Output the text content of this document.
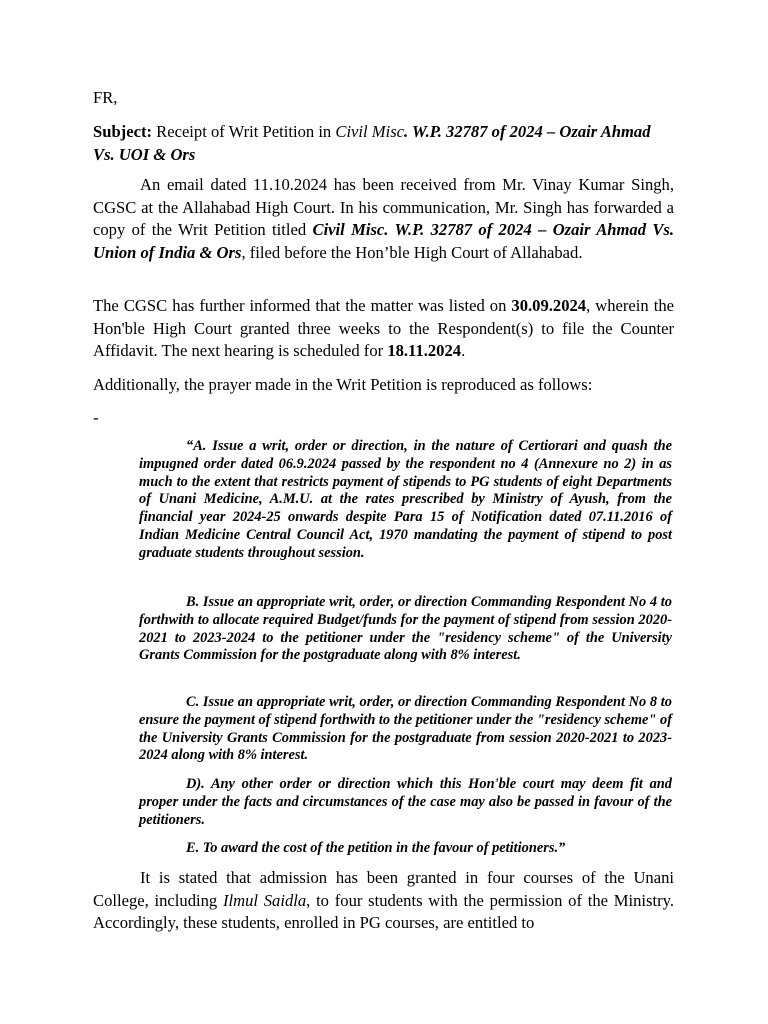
FR,

Subject: Receipt of Writ Petition in Civil Misc. W.P. 32787 of 2024 – Ozair Ahmad Vs. UOI & Ors

An email dated 11.10.2024 has been received from Mr. Vinay Kumar Singh, CGSC at the Allahabad High Court. In his communication, Mr. Singh has forwarded a copy of the Writ Petition titled Civil Misc. W.P. 32787 of 2024 – Ozair Ahmad Vs. Union of India & Ors, filed before the Hon’ble High Court of Allahabad.

The CGSC has further informed that the matter was listed on 30.09.2024, wherein the Hon'ble High Court granted three weeks to the Respondent(s) to file the Counter Affidavit. The next hearing is scheduled for 18.11.2024.

Additionally, the prayer made in the Writ Petition is reproduced as follows:

-

“A. Issue a writ, order or direction, in the nature of Certiorari and quash the impugned order dated 06.9.2024 passed by the respondent no 4 (Annexure no 2) in as much to the extent that restricts payment of stipends to PG students of eight Departments of Unani Medicine, A.M.U. at the rates prescribed by Ministry of Ayush, from the financial year 2024-25 onwards despite Para 15 of Notification dated 07.11.2016 of Indian Medicine Central Council Act, 1970 mandating the payment of stipend to post graduate students throughout session.

B. Issue an appropriate writ, order, or direction Commanding Respondent No 4 to forthwith to allocate required Budget/funds for the payment of stipend from session 2020-2021 to 2023-2024 to the petitioner under the "residency scheme" of the University Grants Commission for the postgraduate along with 8% interest.

C. Issue an appropriate writ, order, or direction Commanding Respondent No 8 to ensure the payment of stipend forthwith to the petitioner under the "residency scheme" of the University Grants Commission for the postgraduate from session 2020-2021 to 2023-2024 along with 8% interest.

D). Any other order or direction which this Hon'ble court may deem fit and proper under the facts and circumstances of the case may also be passed in favour of the petitioners.

E. To award the cost of the petition in the favour of petitioners.”

It is stated that admission has been granted in four courses of the Unani College, including Ilmul Saidla, to four students with the permission of the Ministry. Accordingly, these students, enrolled in PG courses, are entitled to
